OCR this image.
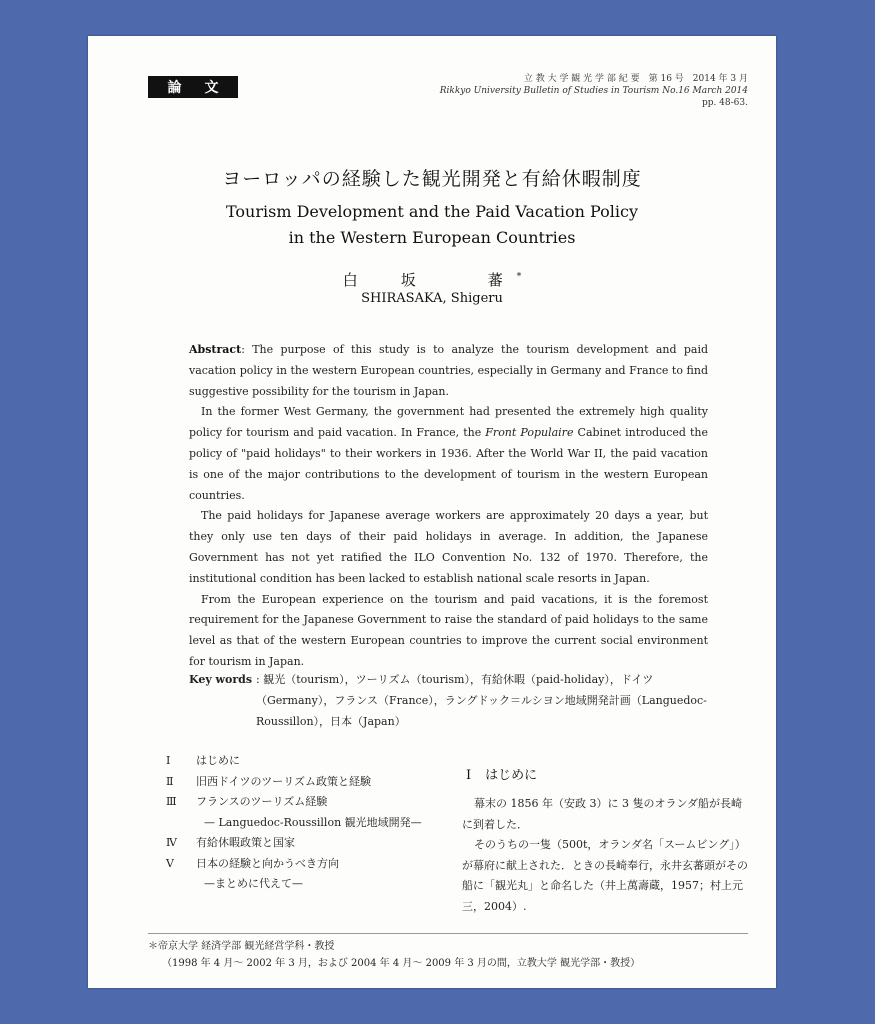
論 文
立 教 大 学 観 光 学 部 紀 要　第 16 号　2014 年 3 月
Rikkyo University Bulletin of Studies in Tourism No.16 March 2014
pp. 48-63.
ヨーロッパの経験した観光開発と有給休暇制度
Tourism Development and the Paid Vacation Policy
in the Western European Countries
白　坂　　蕃*
SHIRASAKA, Shigeru

Abstract: The purpose of this study is to analyze the tourism development and paid vacation policy in the western European countries, especially in Germany and France to find suggestive possibility for the tourism in Japan.

In the former West Germany, the government had presented the extremely high quality policy for tourism and paid vacation. In France, the Front Populaire Cabinet introduced the policy of "paid holidays" to their workers in 1936. After the World War II, the paid vacation is one of the major contributions to the development of tourism in the western European countries.

The paid holidays for Japanese average workers are approximately 20 days a year, but they only use ten days of their paid holidays in average. In addition, the Japanese Government has not yet ratified the ILO Convention No. 132 of 1970. Therefore, the institutional condition has been lacked to establish national scale resorts in Japan.

From the European experience on the tourism and paid vacations, it is the foremost requirement for the Japanese Government to raise the standard of paid holidays to the same level as that of the western European countries to improve the current social environment for tourism in Japan.

Key words : 観光（tourism），ツーリズム（tourism），有給休暇（paid-holiday），ドイツ（Germany），フランス（France），ラングドック＝ルシヨン地域開発計画（Languedoc-Roussillon），日本（Japan）
Ⅰ	はじめに
Ⅱ	旧西ドイツのツーリズム政策と経験
Ⅲ	フランスのツーリズム経験
— Languedoc-Roussillon 観光地域開発—
Ⅳ	有給休暇政策と国家
Ⅴ	日本の経験と向かうべき方向
—まとめに代えて—
Ⅰ はじめに

幕末の 1856 年（安政 3）に 3 隻のオランダ船が長崎に到着した．

そのうちの一隻（500t，オランダ名「スームビング」）が幕府に献上された．ときの長崎奉行，永井玄蕃頭がその船に「観光丸」と命名した（井上萬壽蔵，1957；村上元三，2004）.

＊帝京大学 経済学部 観光経営学科・教授
（1998 年 4 月～ 2002 年 3 月，および 2004 年 4 月～ 2009 年 3 月の間，立教大学 観光学部・教授）
